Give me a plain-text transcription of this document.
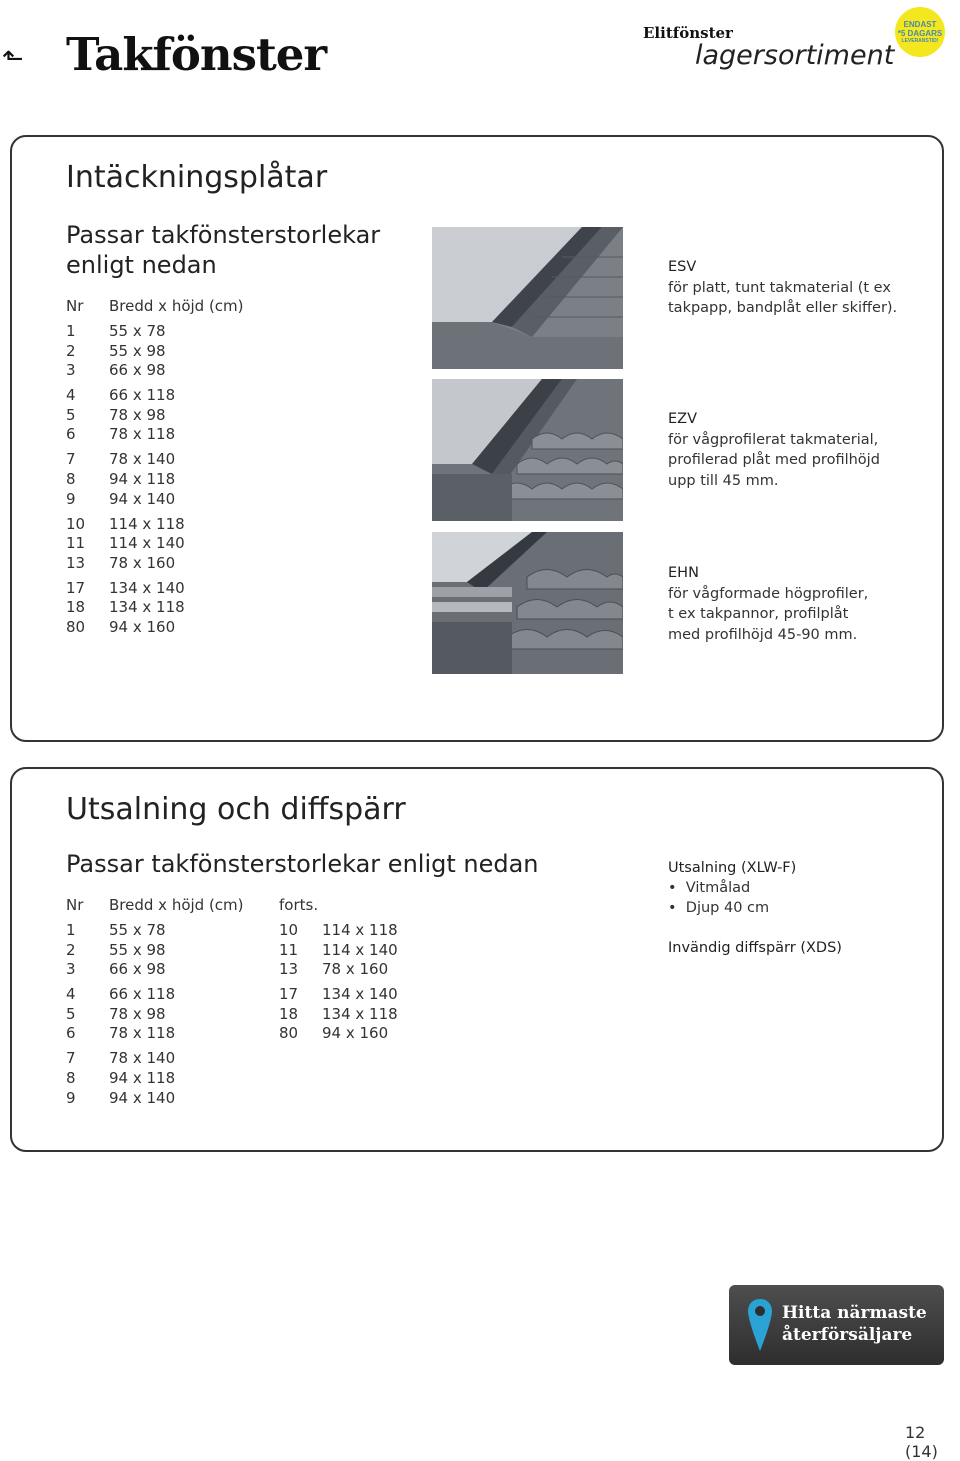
⬑ Takfönster	Elitfönster
lagersortiment
ENDAST
*5 DAGARS
LEVERANSTID!
Intäckningsplåtar
Passar takfönsterstorlekar
enligt nedan
Nr Bredd x höjd (cm)
1 55 x 78
2 55 x 98
3 66 x 98
4 66 x 118
5 78 x 98
6 78 x 118
7 78 x 140
8 94 x 118
9 94 x 140
10 114 x 118
11 114 x 140
13 78 x 160
17 134 x 140
18 134 x 118
80 94 x 160
ESV
för platt, tunt takmaterial (t ex
takpapp, bandplåt eller skiffer).
EZV
för vågprofilerat takmaterial,
profilerad plåt med profilhöjd
upp till 45 mm.
EHN
för vågformade högprofiler,
t ex takpannor, profilplåt
med profilhöjd 45-90 mm.
Utsalning och diffspärr
Passar takfönsterstorlekar enligt nedan
Nr Bredd x höjd (cm) forts.
1 55 x 78
2 55 x 98
3 66 x 98
4 66 x 118
5 78 x 98
6 78 x 118
7 78 x 140
8 94 x 118
9 94 x 140
10 114 x 118
11 114 x 140
13 78 x 160
17 134 x 140
18 134 x 118
80 94 x 160
Utsalning (XLW-F)
•  Vitmålad
•  Djup 40 cm
Invändig diffspärr (XDS)
Hitta närmaste
återförsäljare
12 (14)
